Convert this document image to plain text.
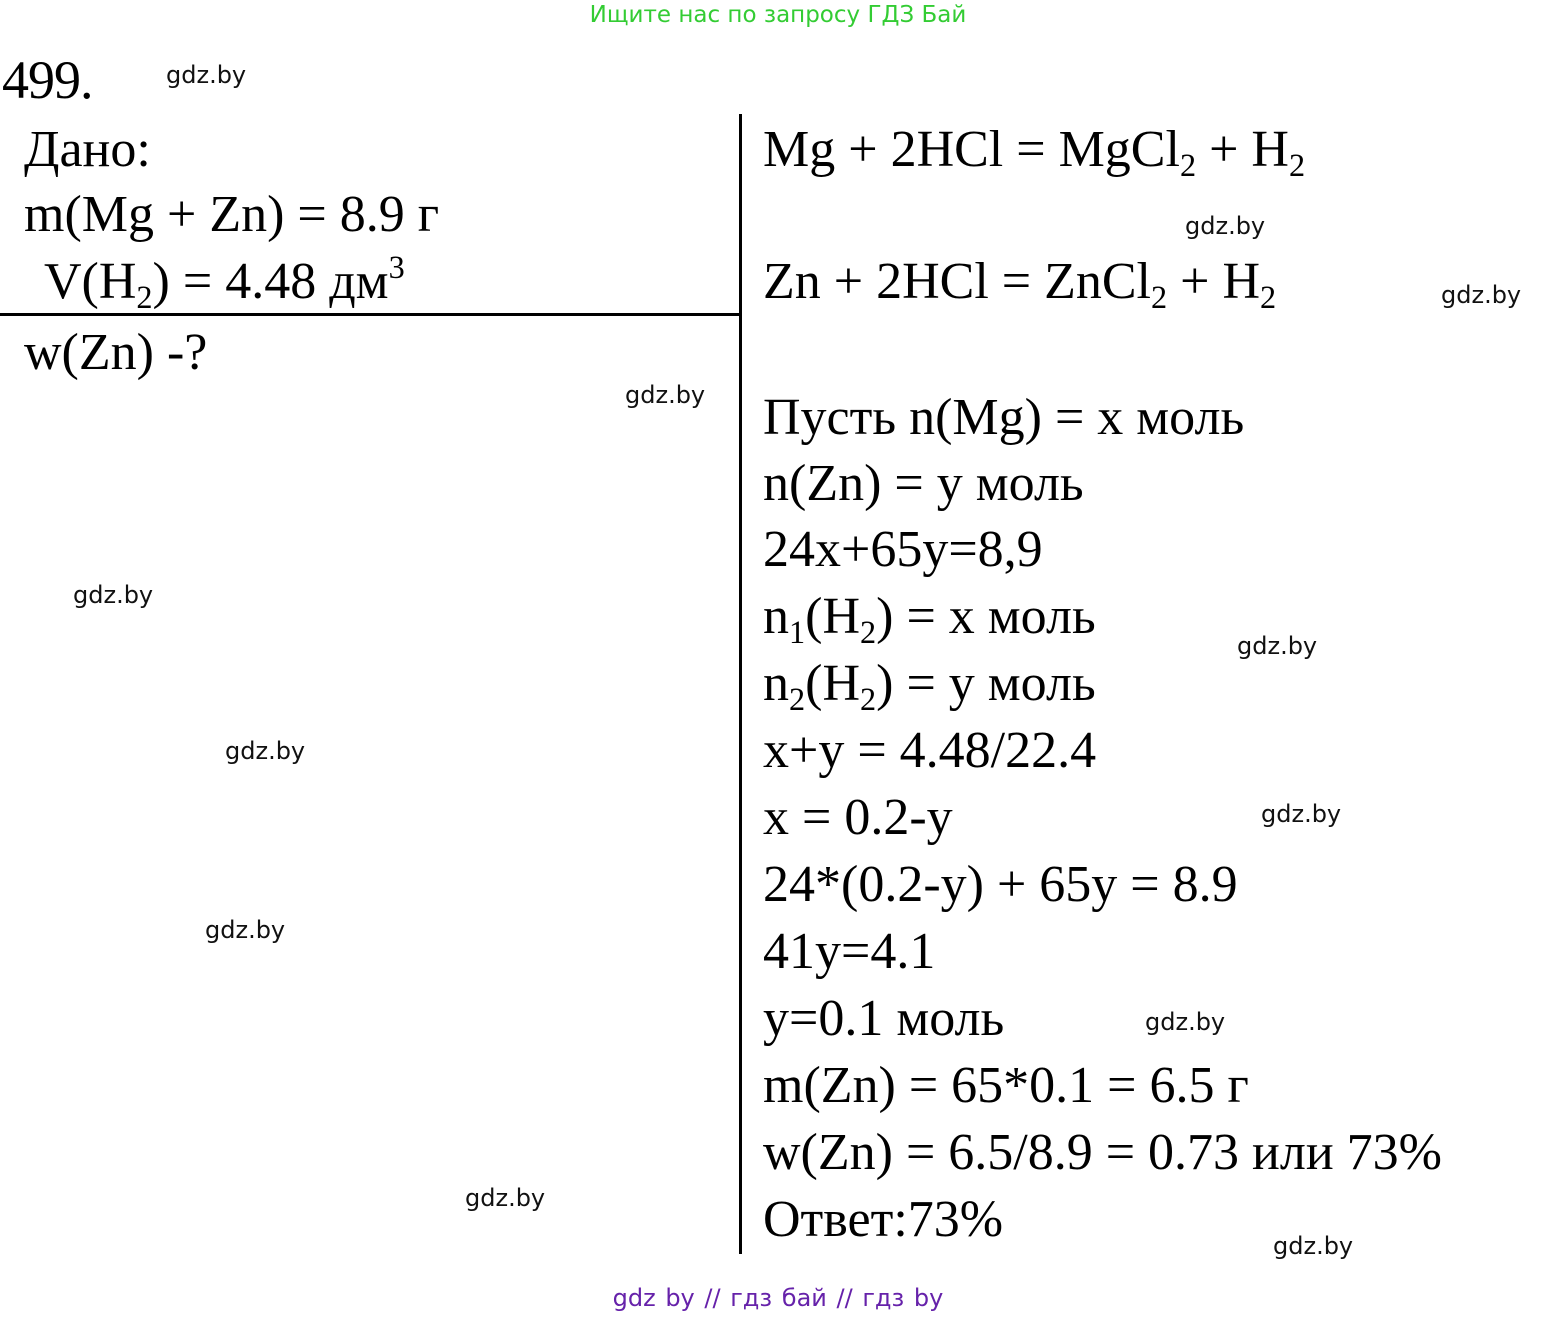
Ищите нас по запросу ГДЗ Бай
499.	gdz.by
gdz.by
gdz.by
gdz.by
gdz.by
gdz.by
gdz.by
gdz.by
gdz.by
gdz.by
gdz.by
gdz.by
Дано:
m(Mg + Zn) = 8.9 г
$V(H_2) = 4.48$ $дм^3$
w(Zn) -?
Mg + 2HCl = MgCl$_2$ + $H_2$
Zn + 2HCl = ZnCl$_2$ + $H_2$
Пусть n(Mg) = x моль
n(Zn) = y моль
24x+65y=8,9
$n_1(H_2) = x$ моль
$n_2(H_2) = y$ моль
x+y = 4.48/22.4
x = 0.2-y
24*(0.2-y) + 65y = 8.9
41y=4.1
y=0.1 моль
m(Zn) = 65*0.1 = 6.5 г
w(Zn) = 6.5/8.9 = 0.73 или 73%
Ответ:73%
gdz by // гдз бай // гдз by
